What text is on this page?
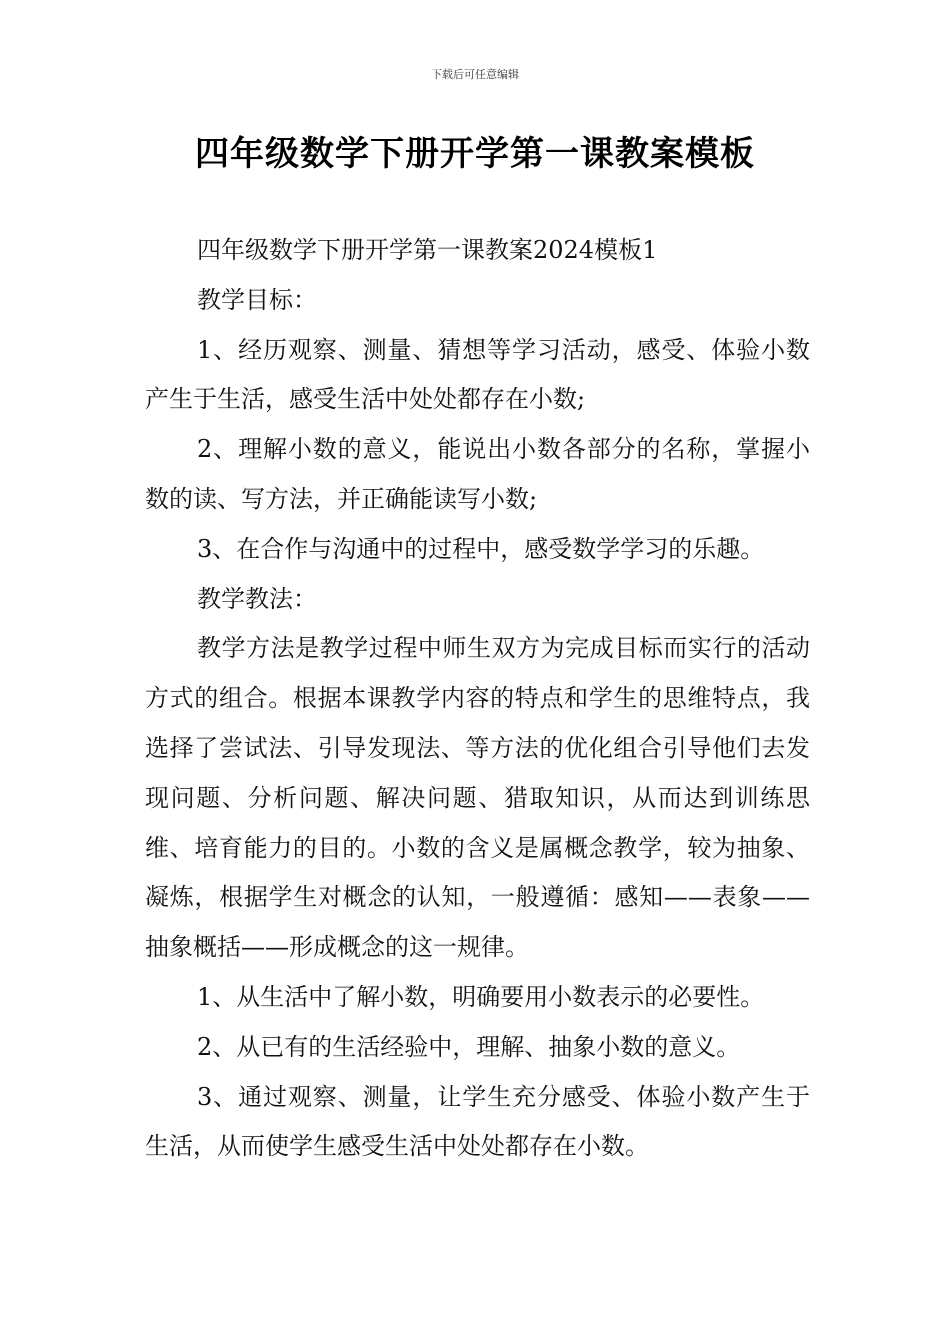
下载后可任意编辑
四年级数学下册开学第一课教案模板

四年级数学下册开学第一课教案2024模板1

教学目标：

1、经历观察、测量、猜想等学习活动，感受、体验小数产生于生活，感受生活中处处都存在小数;

2、理解小数的意义，能说出小数各部分的名称，掌握小数的读、写方法，并正确能读写小数;

3、在合作与沟通中的过程中，感受数学学习的乐趣。

教学教法：

教学方法是教学过程中师生双方为完成目标而实行的活动方式的组合。根据本课教学内容的特点和学生的思维特点，我选择了尝试法、引导发现法、等方法的优化组合引导他们去发现问题、分析问题、解决问题、猎取知识，从而达到训练思维、培育能力的目的。小数的含义是属概念教学，较为抽象、凝炼，根据学生对概念的认知，一般遵循：感知——表象——抽象概括——形成概念的这一规律。

1、从生活中了解小数，明确要用小数表示的必要性。

2、从已有的生活经验中，理解、抽象小数的意义。

3、通过观察、测量，让学生充分感受、体验小数产生于生活，从而使学生感受生活中处处都存在小数。
